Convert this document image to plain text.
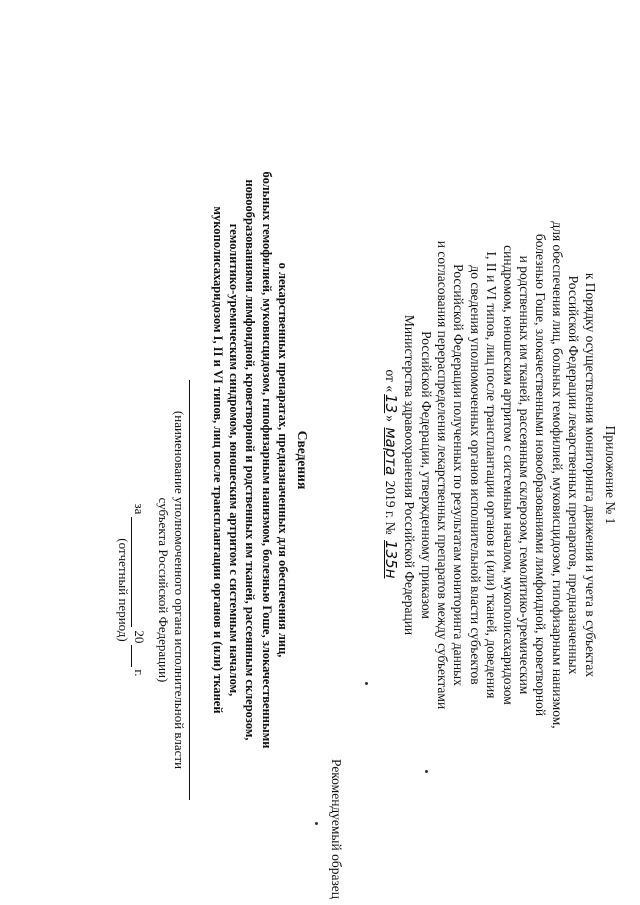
Приложение № 1
к Порядку осуществления мониторинга движения и учета в субъектах
Российской Федерации лекарственных препаратов, предназначенных
для обеспечения лиц, больных гемофилией, муковисцидозом, гипофизарным нанизмом,
болезнью Гоше, злокачественными новообразованиями лимфоидной, кроветворной
и родственных им тканей, рассеянным склерозом, гемолитико-уремическим
синдромом, юношеским артритом с системным началом, мукополисахаридозом
I, II и VI типов, лиц после трансплантации органов и (или) тканей, доведения
до сведения уполномоченных органов исполнительной власти субъектов
Российской Федерации полученных по результатам мониторинга данных
и согласования перераспределения лекарственных препаратов между субъектами
Российской Федерации, утвержденному приказом
Министерства здравоохранения Российской Федерации
от «13» марта 2019 г. № 135н
Рекомендуемый образец
Сведения
о лекарственных препаратах, предназначенных для обеспечения лиц,
больных гемофилией, муковисцидозом, гипофизарным нанизмом, болезнью Гоше, злокачественными
новообразованиями лимфоидной, кроветворной и родственных им тканей, рассеянным склерозом,
гемолитико-уремическим синдромом, юношеским артритом с системным началом,
мукополисахаридозом I, II и VI типов, лиц после трансплантации органов и (или) тканей
(наименование уполномоченного органа исполнительной власти
субъекта Российской Федерации)
за
20
г.
(отчетный период)
